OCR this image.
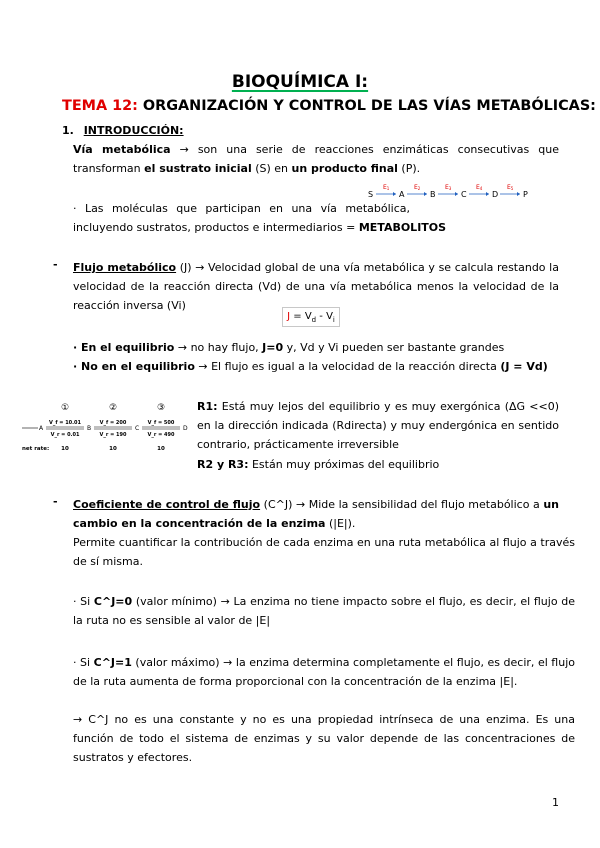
BIOQUÍMICA I:
TEMA 12: ORGANIZACIÓN Y CONTROL DE LAS VÍAS METABÓLICAS:
1. INTRODUCCIÓN:
Vía metabólica → son una serie de reacciones enzimáticas consecutivas que transforman el sustrato inicial (S) en un producto final (P).
S
E1
A
E2
B
E3
C
E4
D
E5
P
· Las moléculas que participan en una vía metabólica,
incluyendo sustratos, productos e intermediarios = METABOLITOS
- Flujo metabólico (J) → Velocidad global de una vía metabólica y se calcula restando la velocidad de la reacción directa (Vd) de una vía metabólica menos la velocidad de la reacción inversa (Vi)
$J = V_d - V_i$
· En el equilibrio → no hay flujo, J=0 y, Vd y Vi pueden ser bastante grandes
· No en el equilibrio → El flujo es igual a la velocidad de la reacción directa (J = Vd)
A	B	C	D
①
V_f = 10.01
V_r = 0.01
10
②
V_f = 200
V_r = 190
10
③
V_f = 500
V_r = 490
10
net rate:
R1: Está muy lejos del equilibrio y es muy exergónica (ΔG <<0) en la dirección indicada (Rdirecta) y muy endergónica en sentido contrario, prácticamente irreversible
R2 y R3: Están muy próximas del equilibrio
- Coeficiente de control de flujo (C^J) → Mide la sensibilidad del flujo metabólico a un cambio en la concentración de la enzima (|E|).
Permite cuantificar la contribución de cada enzima en una ruta metabólica al flujo a través de sí misma.
· Si C^J=0 (valor mínimo) → La enzima no tiene impacto sobre el flujo, es decir, el flujo de la ruta no es sensible al valor de |E|
· Si C^J=1 (valor máximo) → la enzima determina completamente el flujo, es decir, el flujo de la ruta aumenta de forma proporcional con la concentración de la enzima |E|.
→ C^J no es una constante y no es una propiedad intrínseca de una enzima. Es una función de todo el sistema de enzimas y su valor depende de las concentraciones de sustratos y efectores.
1
